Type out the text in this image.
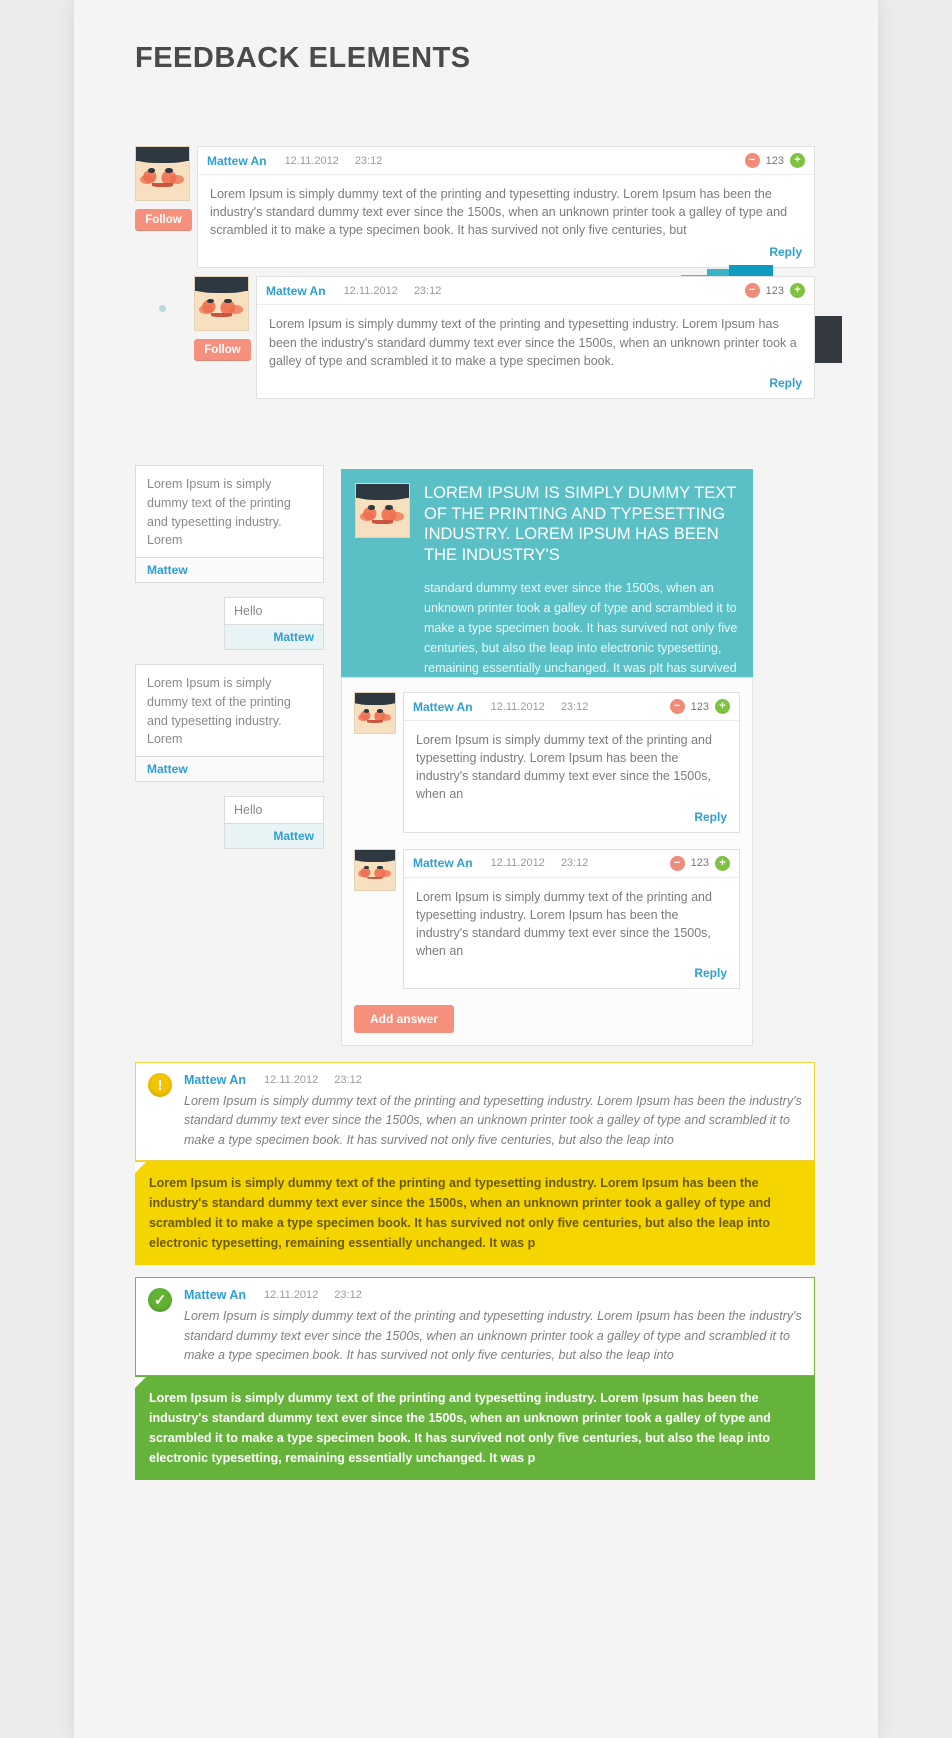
FEEDBACK ELEMENTS
Follow
Mattew An 12.11.2012 23:12	− 123 +
Lorem Ipsum is simply dummy text of the printing and typesetting industry. Lorem Ipsum has been the industry's standard dummy text ever since the 1500s, when an unknown printer took a galley of type and scrambled it to make a type specimen book. It has survived not only five centuries, but
Reply
Follow
Mattew An 12.11.2012 23:12	− 123 +
Lorem Ipsum is simply dummy text of the printing and typesetting industry. Lorem Ipsum has been the industry's standard dummy text ever since the 1500s, when an unknown printer took a galley of type and scrambled it to make a type specimen book.
Reply
Lorem Ipsum is simply dummy text of the printing and typesetting industry. Lorem
Mattew
Hello
Mattew
Lorem Ipsum is simply dummy text of the printing and typesetting industry. Lorem
Mattew
Hello
Mattew
LOREM IPSUM IS SIMPLY DUMMY TEXT OF THE PRINTING AND TYPESETTING INDUSTRY. LOREM IPSUM HAS BEEN THE INDUSTRY'S
standard dummy text ever since the 1500s, when an unknown printer took a galley of type and scrambled it to make a type specimen book. It has survived not only five centuries, but also the leap into electronic typesetting, remaining essentially unchanged. It was pIt has survived
Mattew An 12.11.2012 23:12	− 123 +
Lorem Ipsum is simply dummy text of the printing and typesetting industry. Lorem Ipsum has been the industry's standard dummy text ever since the 1500s, when an
Reply
Mattew An 12.11.2012 23:12	− 123 +
Lorem Ipsum is simply dummy text of the printing and typesetting industry. Lorem Ipsum has been the industry's standard dummy text ever since the 1500s, when an
Reply
Add answer
!	Mattew An 12.11.2012 23:12
Lorem Ipsum is simply dummy text of the printing and typesetting industry. Lorem Ipsum has been the industry's standard dummy text ever since the 1500s, when an unknown printer took a galley of type and scrambled it to make a type specimen book. It has survived not only five centuries, but also the leap into
Lorem Ipsum is simply dummy text of the printing and typesetting industry. Lorem Ipsum has been the industry's standard dummy text ever since the 1500s, when an unknown printer took a galley of type and scrambled it to make a type specimen book. It has survived not only five centuries, but also the leap into electronic typesetting, remaining essentially unchanged. It was p
✓	Mattew An 12.11.2012 23:12
Lorem Ipsum is simply dummy text of the printing and typesetting industry. Lorem Ipsum has been the industry's standard dummy text ever since the 1500s, when an unknown printer took a galley of type and scrambled it to make a type specimen book. It has survived not only five centuries, but also the leap into
Lorem Ipsum is simply dummy text of the printing and typesetting industry. Lorem Ipsum has been the industry's standard dummy text ever since the 1500s, when an unknown printer took a galley of type and scrambled it to make a type specimen book. It has survived not only five centuries, but also the leap into electronic typesetting, remaining essentially unchanged. It was p
